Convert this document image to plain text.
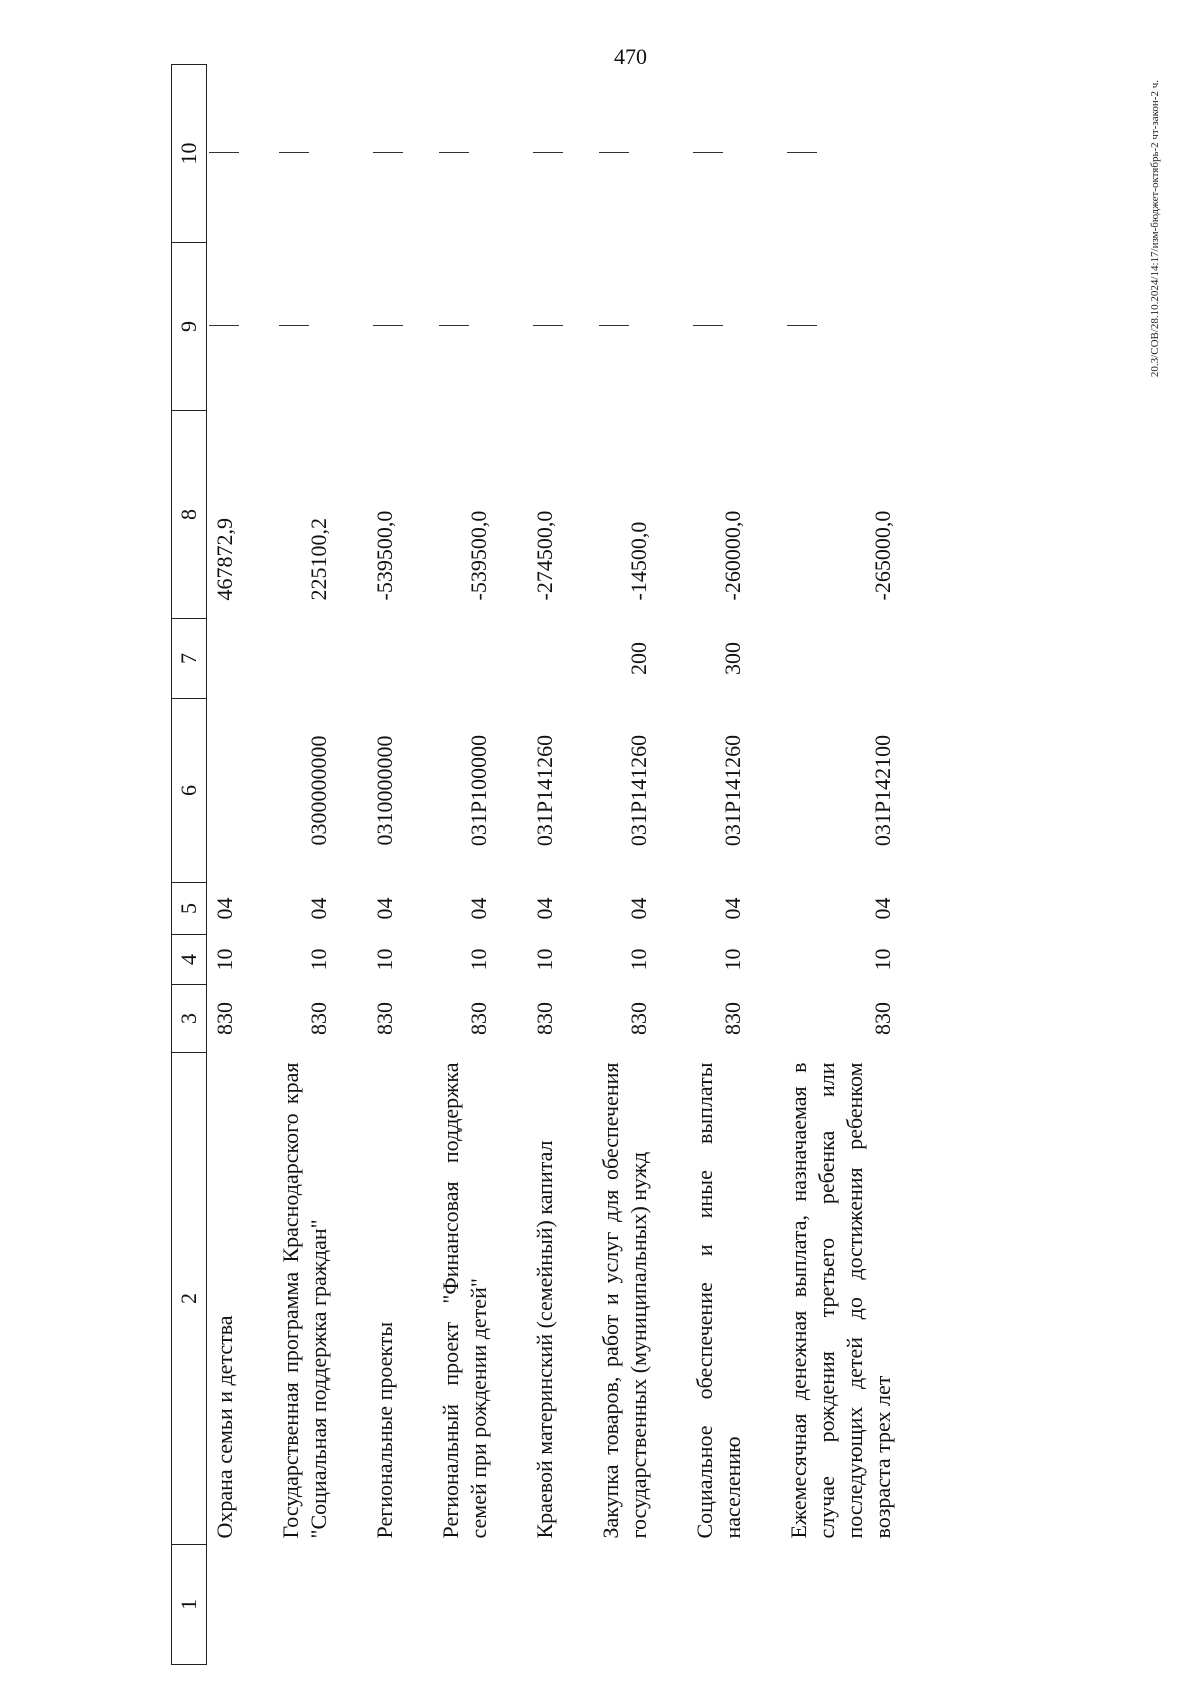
470
1	2	3	4	5	6	7	8	9	10
	Охрана семьи и детства	830	10	04			467872,9	

	Государственная программа Краснодарского края "Социальная поддержка граждан"	830	10	04	0300000000		225100,2	

	Региональные проекты	830	10	04	0310000000		-539500,0	

	Региональный проект "Финансовая поддержка семей при рождении детей"	830	10	04	031P100000		-539500,0	

	Краевой материнский (семейный) капитал	830	10	04	031P141260		-274500,0	

	Закупка товаров, работ и услуг для обеспечения государственных (муниципальных) нужд	830	10	04	031P141260	200	-14500,0	

	Социальное обеспечение и иные выплаты населению	830	10	04	031P141260	300	-260000,0	

	Ежемесячная денежная выплата, назначаемая в случае рождения третьего ребенка или последующих детей до достижения ребенком возраста трех лет	830	10	04	031P142100		-265000,0	

20.3/СОВ/28.10.2024/14:17/изм-бюджет-октябрь-2 чт-закон-2 ч.
